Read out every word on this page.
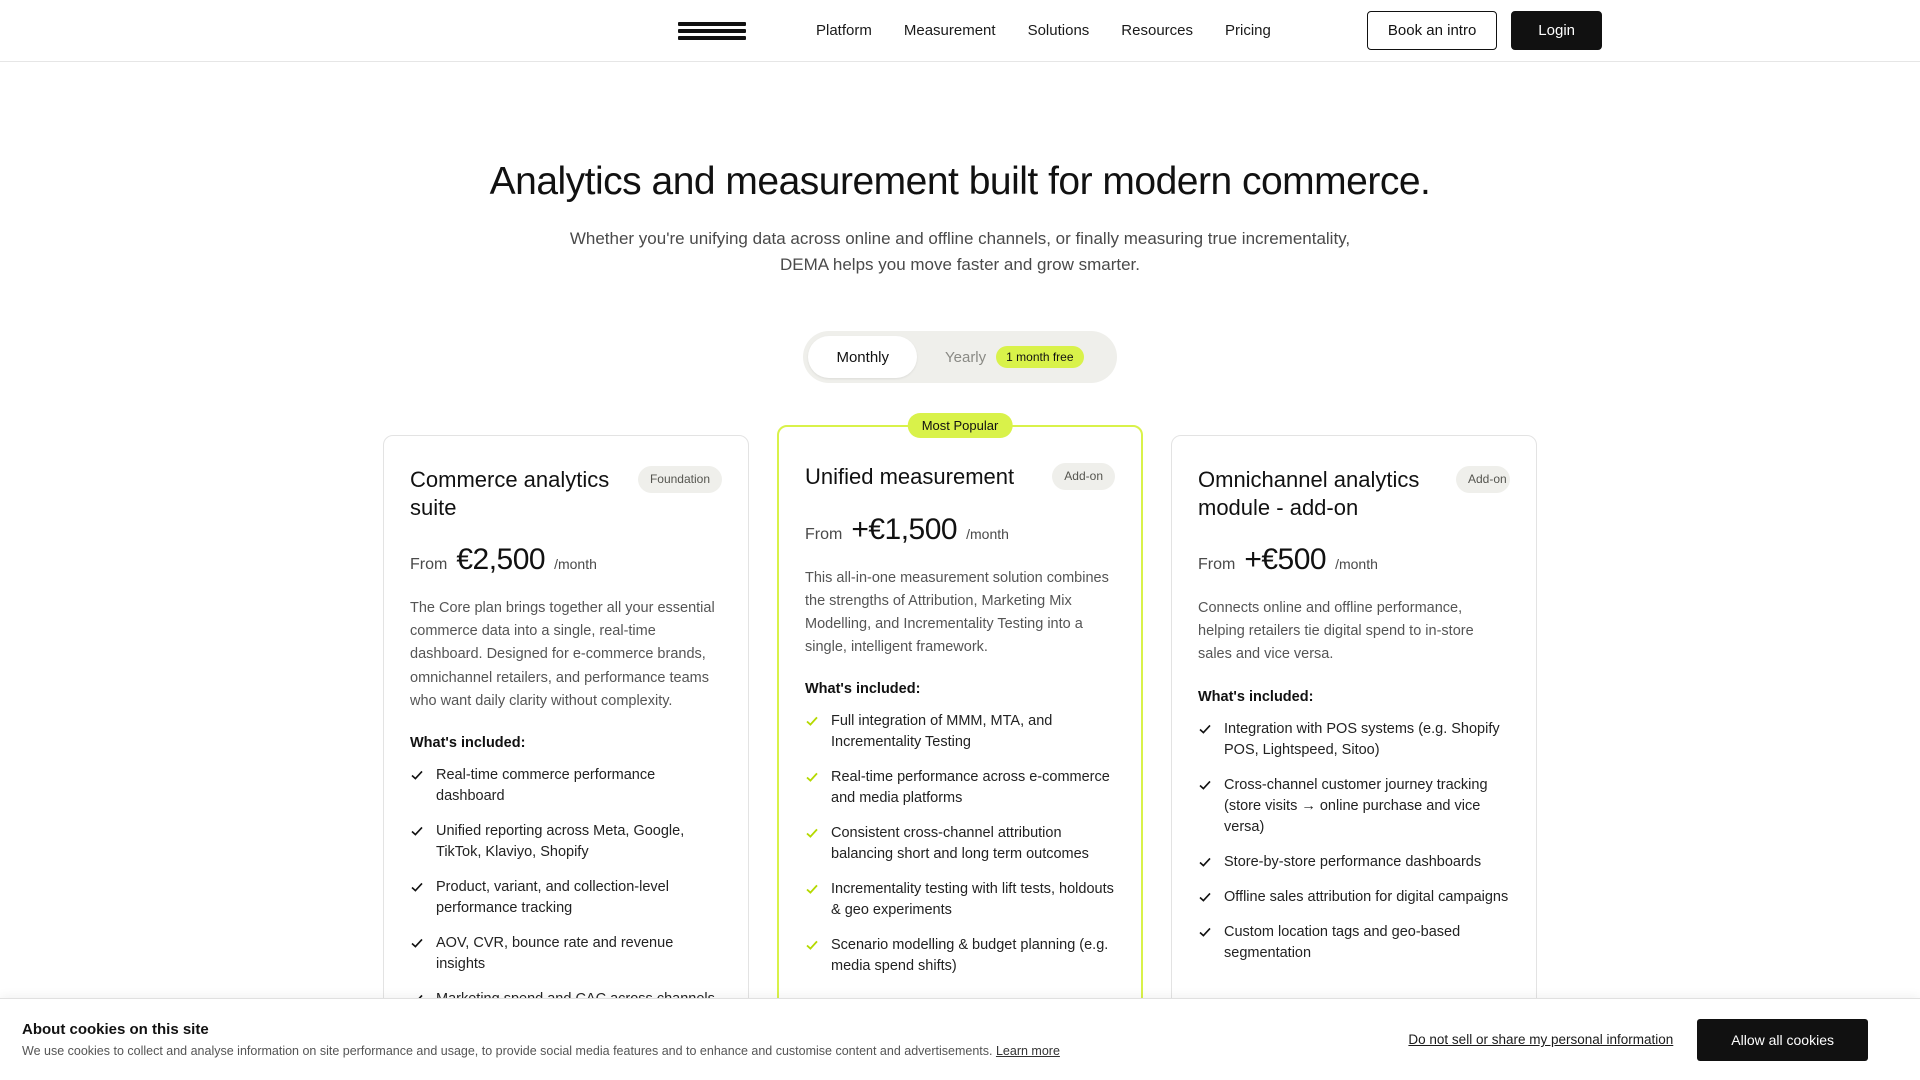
Platform Measurement Solutions Resources Pricing	Book an intro	Login
Analytics and measurement built for modern commerce.

Whether you're unifying data across online and offline channels, or finally measuring true incrementality, DEMA helps you move faster and grow smarter.

Monthly	Yearly	1 month free
Commerce analytics suite
Foundation
From €2,500 /month
The Core plan brings together all your essential commerce data into a single, real-time dashboard. Designed for e-commerce brands, omnichannel retailers, and performance teams who want daily clarity without complexity.
What's included:
Real-time commerce performance dashboard
Unified reporting across Meta, Google, TikTok, Klaviyo, Shopify
Product, variant, and collection-level performance tracking
AOV, CVR, bounce rate and revenue insights
Most Popular
Unified measurement	Add-on
From +€1,500 /month
This all-in-one measurement solution combines the strengths of Attribution, Marketing Mix Modelling, and Incrementality Testing into a single, intelligent framework.
What's included:
Full integration of MMM, MTA, and Incrementality Testing
Real-time performance across e-commerce and media platforms
Consistent cross-channel attribution balancing short and long term outcomes
Incrementality testing with lift tests, holdouts & geo experiments
Scenario modelling & budget planning (e.g. media spend shifts)
Omnichannel analytics module - add-on
Add-on
From +€500 /month
Connects online and offline performance, helping retailers tie digital spend to in-store sales and vice versa.
What's included:
Integration with POS systems (e.g. Shopify POS, Lightspeed, Sitoo)
Cross-channel customer journey tracking (store visits → online purchase and vice versa)
Store-by-store performance dashboards
Offline sales attribution for digital campaigns
Custom location tags and geo-based segmentation
About cookies on this site
We use cookies to collect and analyse information on site performance and usage, to provide social media features and to enhance and customise content and advertisements. Learn more
Do not sell or share my personal information	Allow all cookies
